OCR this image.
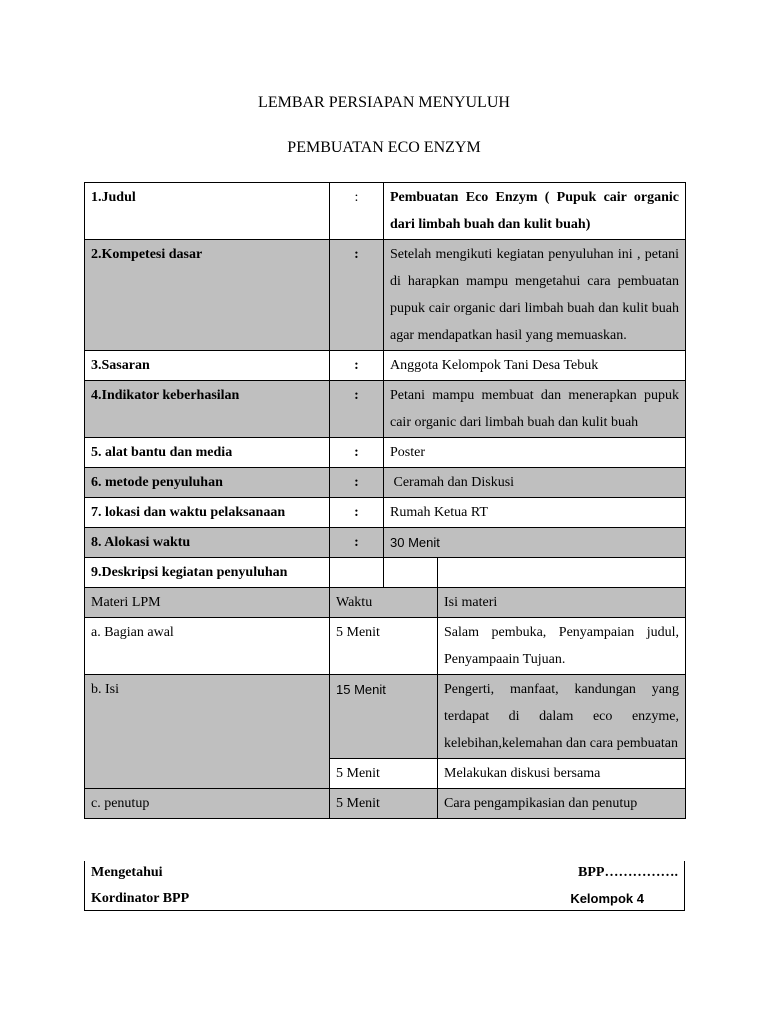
LEMBAR PERSIAPAN MENYULUH
PEMBUATAN ECO ENZYM
1.Judul	:	Pembuatan Eco Enzym ( Pupuk cair organic dari limbah buah dan kulit buah)	
2.Kompetesi dasar	:	Setelah mengikuti kegiatan penyuluhan ini , petani di harapkan mampu mengetahui cara pembuatan pupuk cair organic dari limbah buah dan kulit buah agar mendapatkan hasil yang memuaskan.	
3.Sasaran	:	Anggota Kelompok Tani Desa Tebuk	
4.Indikator keberhasilan	:	Petani mampu membuat dan menerapkan pupuk cair organic dari limbah buah dan kulit buah	
5. alat bantu dan media	:	Poster	
6. metode penyuluhan	:	Ceramah dan Diskusi	
7. lokasi dan waktu pelaksanaan	:	Rumah Ketua RT	
8. Alokasi waktu	:	30 Menit	
9.Deskripsi kegiatan penyuluhan			
Materi LPM	Waktu		Isi materi
a. Bagian awal	5 Menit		Salam pembuka, Penyampaian judul, Penyampaain Tujuan.
b. Isi	15 Menit		Pengerti, manfaat, kandungan yang terdapat di dalam eco enzyme, kelebihan,kelemahan dan cara pembuatan
	5 Menit		Melakukan diskusi bersama
c. penutup	5 Menit		Cara pengampikasian dan penutup
Mengetahui
Kordinator BPP
BPP…………….
Kelompok 4
